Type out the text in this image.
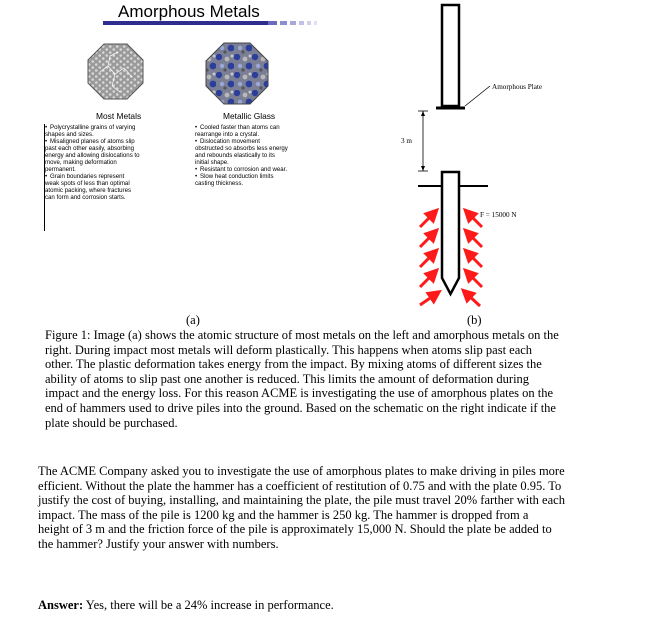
Amorphous Metals
Amorphous Plate
3 m
F = 15000 N
Most Metals	Metallic Glass
• Polycrystalline grains of varying
shapes and sizes.
• Misaligned planes of atoms slip
past each other easily, absorbing
energy and allowing dislocations to
move, making deformation
permanent.
• Grain boundaries represent
weak spots of less than optimal
atomic packing, where fractures
can form and corrosion starts.
• Cooled faster than atoms can
rearrange into a crystal.
• Dislocation movement
obstructed so absorbs less energy
and rebounds elastically to its
initial shape.
• Resistant to corrosion and wear.
• Slow heat conduction limits
casting thickness.
(a)	(b)
Figure 1: Image (a) shows the atomic structure of most metals on the left and amorphous metals on the
right. During impact most metals will deform plastically. This happens when atoms slip past each
other. The plastic deformation takes energy from the impact. By mixing atoms of different sizes the
ability of atoms to slip past one another is reduced. This limits the amount of deformation during
impact and the energy loss. For this reason ACME is investigating the use of amorphous plates on the
end of hammers used to drive piles into the ground. Based on the schematic on the right indicate if the
plate should be purchased.
The ACME Company asked you to investigate the use of amorphous plates to make driving in piles more
efficient. Without the plate the hammer has a coefficient of restitution of 0.75 and with the plate 0.95. To
justify the cost of buying, installing, and maintaining the plate, the pile must travel 20% farther with each
impact. The mass of the pile is 1200 kg and the hammer is 250 kg. The hammer is dropped from a
height of 3 m and the friction force of the pile is approximately 15,000 N. Should the plate be added to
the hammer? Justify your answer with numbers.
Answer: Yes, there will be a 24% increase in performance.
